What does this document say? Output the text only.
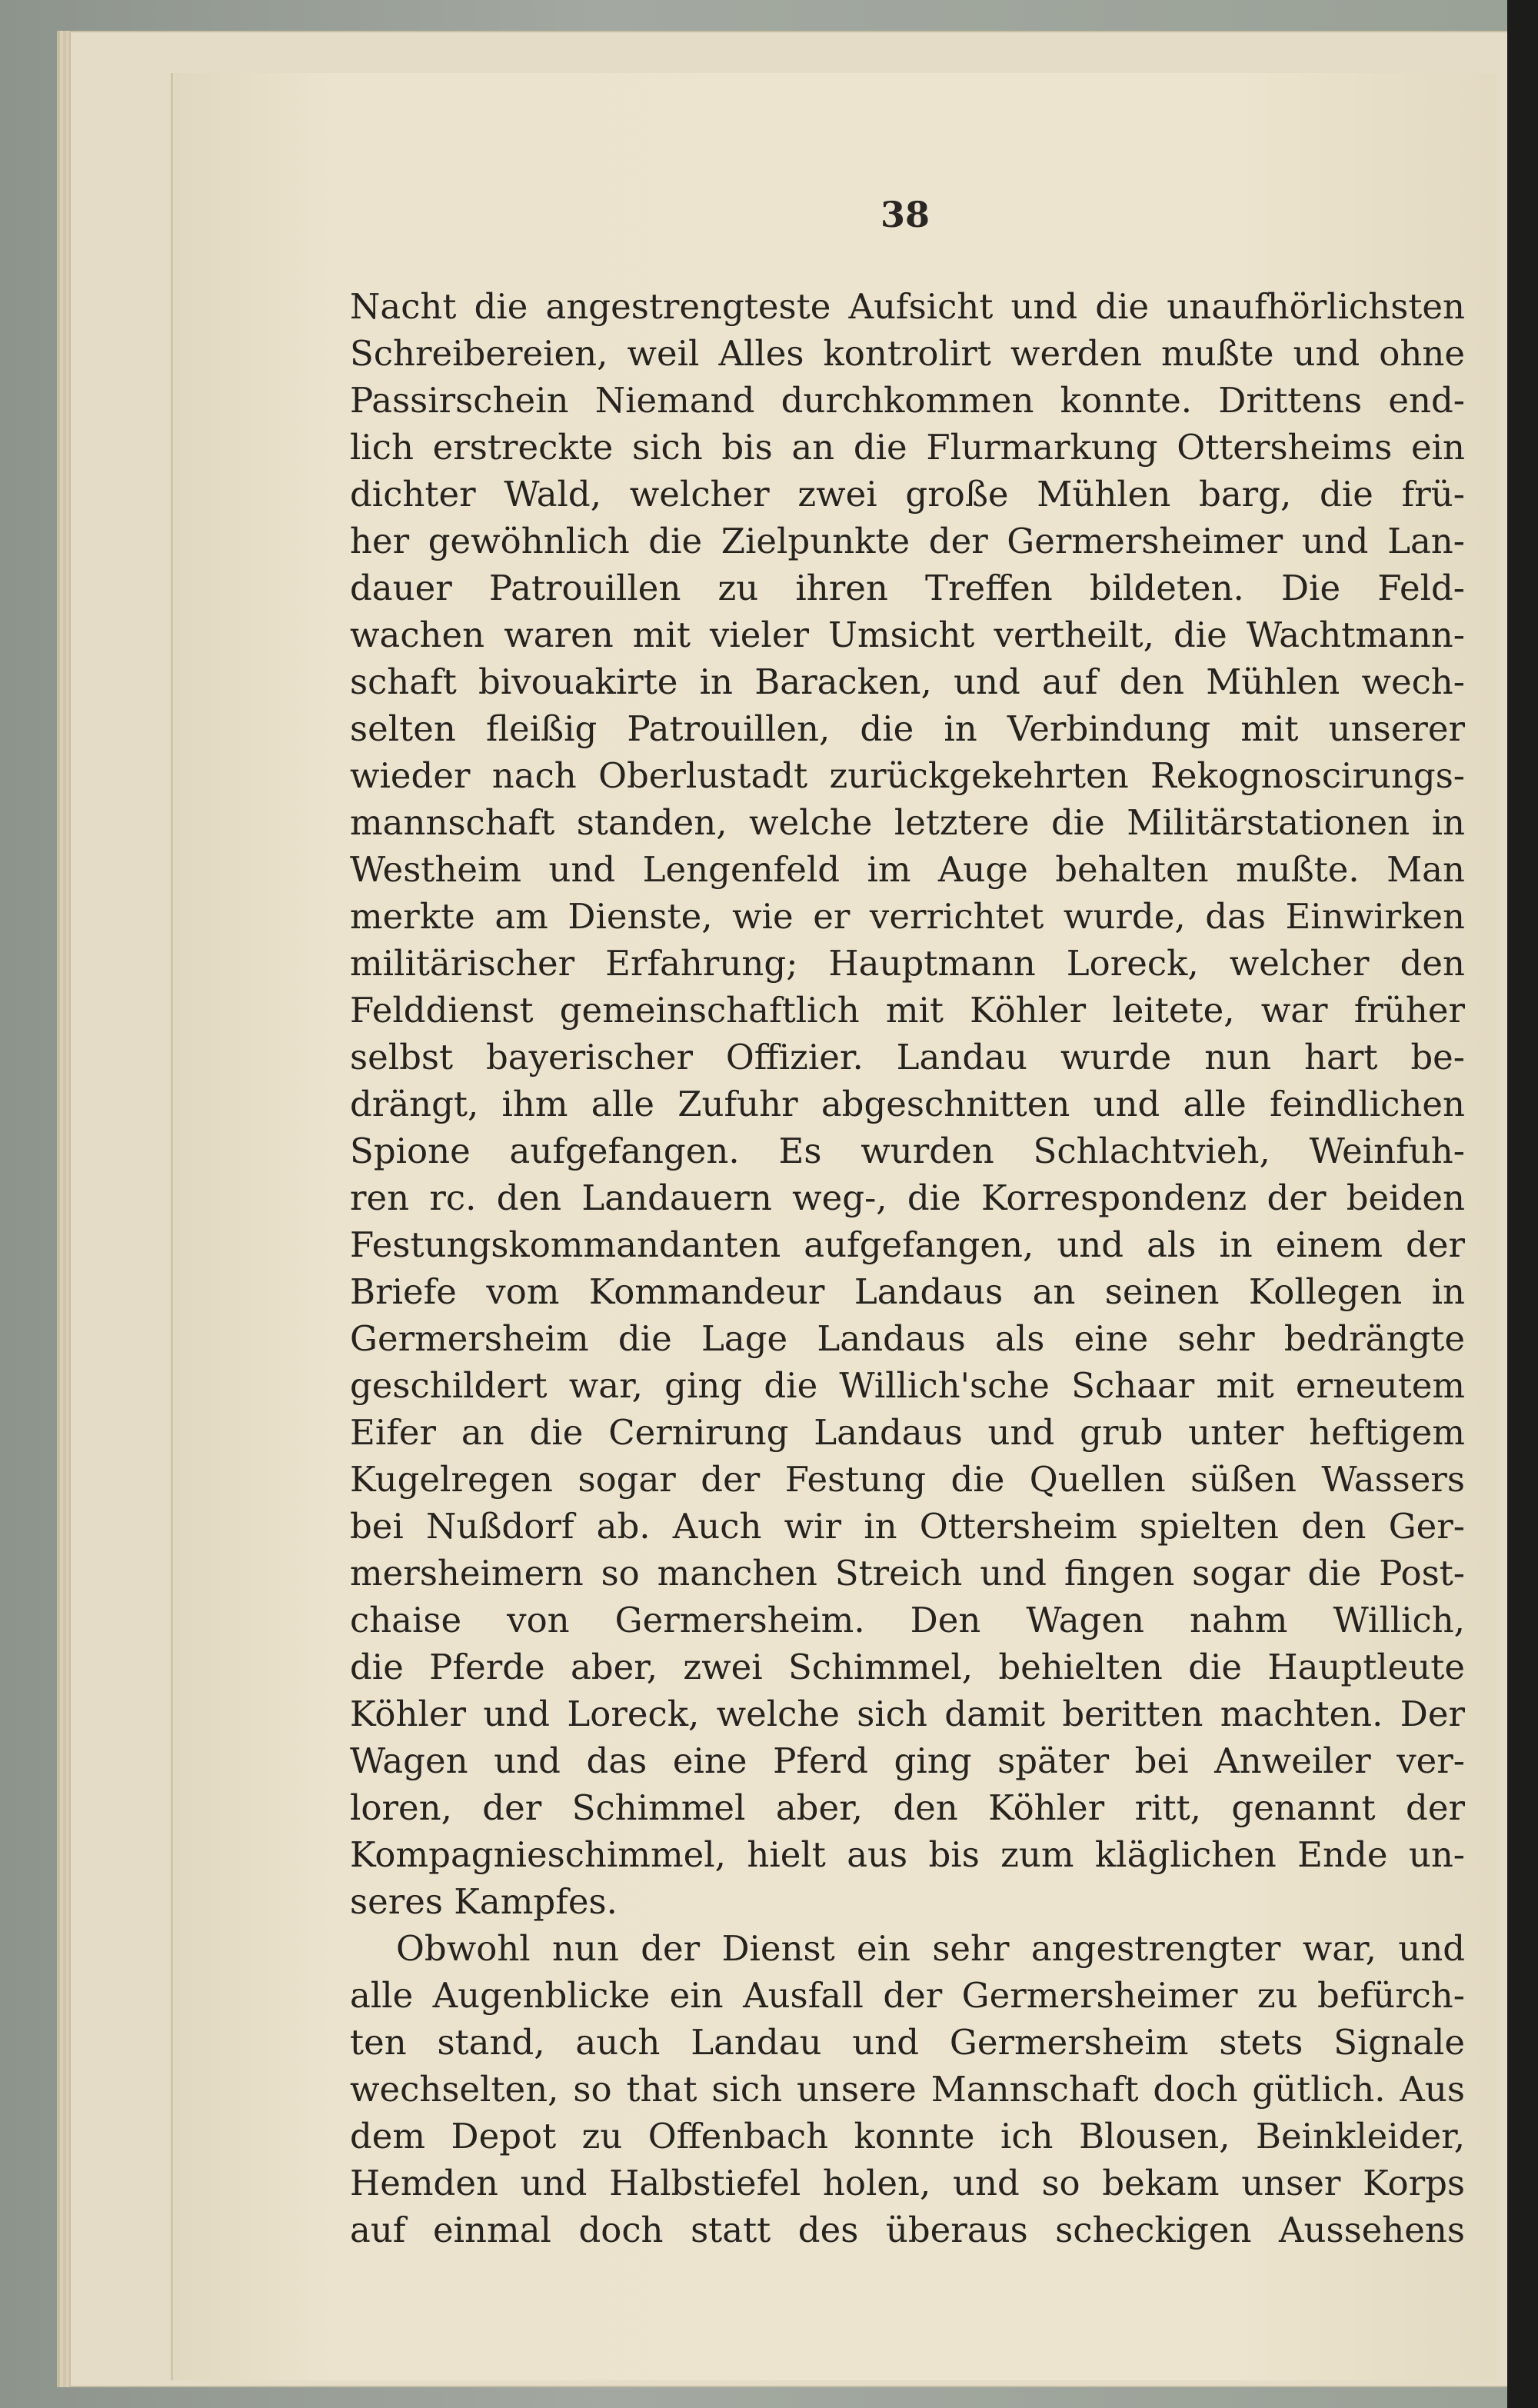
38
Nacht die angestrengteste Aufsicht und die unaufhörlichsten
Schreibereien, weil Alles kontrolirt werden mußte und ohne
Passirschein Niemand durchkommen konnte. Drittens end-
lich erstreckte sich bis an die Flurmarkung Ottersheims ein
dichter Wald, welcher zwei große Mühlen barg, die frü-
her gewöhnlich die Zielpunkte der Germersheimer und Lan-
dauer Patrouillen zu ihren Treffen bildeten. Die Feld-
wachen waren mit vieler Umsicht vertheilt, die Wachtmann-
schaft bivouakirte in Baracken, und auf den Mühlen wech-
selten fleißig Patrouillen, die in Verbindung mit unserer
wieder nach Oberlustadt zurückgekehrten Rekognoscirungs-
mannschaft standen, welche letztere die Militärstationen in
Westheim und Lengenfeld im Auge behalten mußte. Man
merkte am Dienste, wie er verrichtet wurde, das Einwirken
militärischer Erfahrung; Hauptmann Loreck, welcher den
Felddienst gemeinschaftlich mit Köhler leitete, war früher
selbst bayerischer Offizier. Landau wurde nun hart be-
drängt, ihm alle Zufuhr abgeschnitten und alle feindlichen
Spione aufgefangen. Es wurden Schlachtvieh, Weinfuh-
ren rc. den Landauern weg-, die Korrespondenz der beiden
Festungskommandanten aufgefangen, und als in einem der
Briefe vom Kommandeur Landaus an seinen Kollegen in
Germersheim die Lage Landaus als eine sehr bedrängte
geschildert war, ging die Willich'sche Schaar mit erneutem
Eifer an die Cernirung Landaus und grub unter heftigem
Kugelregen sogar der Festung die Quellen süßen Wassers
bei Nußdorf ab. Auch wir in Ottersheim spielten den Ger-
mersheimern so manchen Streich und fingen sogar die Post-
chaise von Germersheim. Den Wagen nahm Willich,
die Pferde aber, zwei Schimmel, behielten die Hauptleute
Köhler und Loreck, welche sich damit beritten machten. Der
Wagen und das eine Pferd ging später bei Anweiler ver-
loren, der Schimmel aber, den Köhler ritt, genannt der
Kompagnieschimmel, hielt aus bis zum kläglichen Ende un-
seres Kampfes.
Obwohl nun der Dienst ein sehr angestrengter war, und
alle Augenblicke ein Ausfall der Germersheimer zu befürch-
ten stand, auch Landau und Germersheim stets Signale
wechselten, so that sich unsere Mannschaft doch gütlich. Aus
dem Depot zu Offenbach konnte ich Blousen, Beinkleider,
Hemden und Halbstiefel holen, und so bekam unser Korps
auf einmal doch statt des überaus scheckigen Aussehens
